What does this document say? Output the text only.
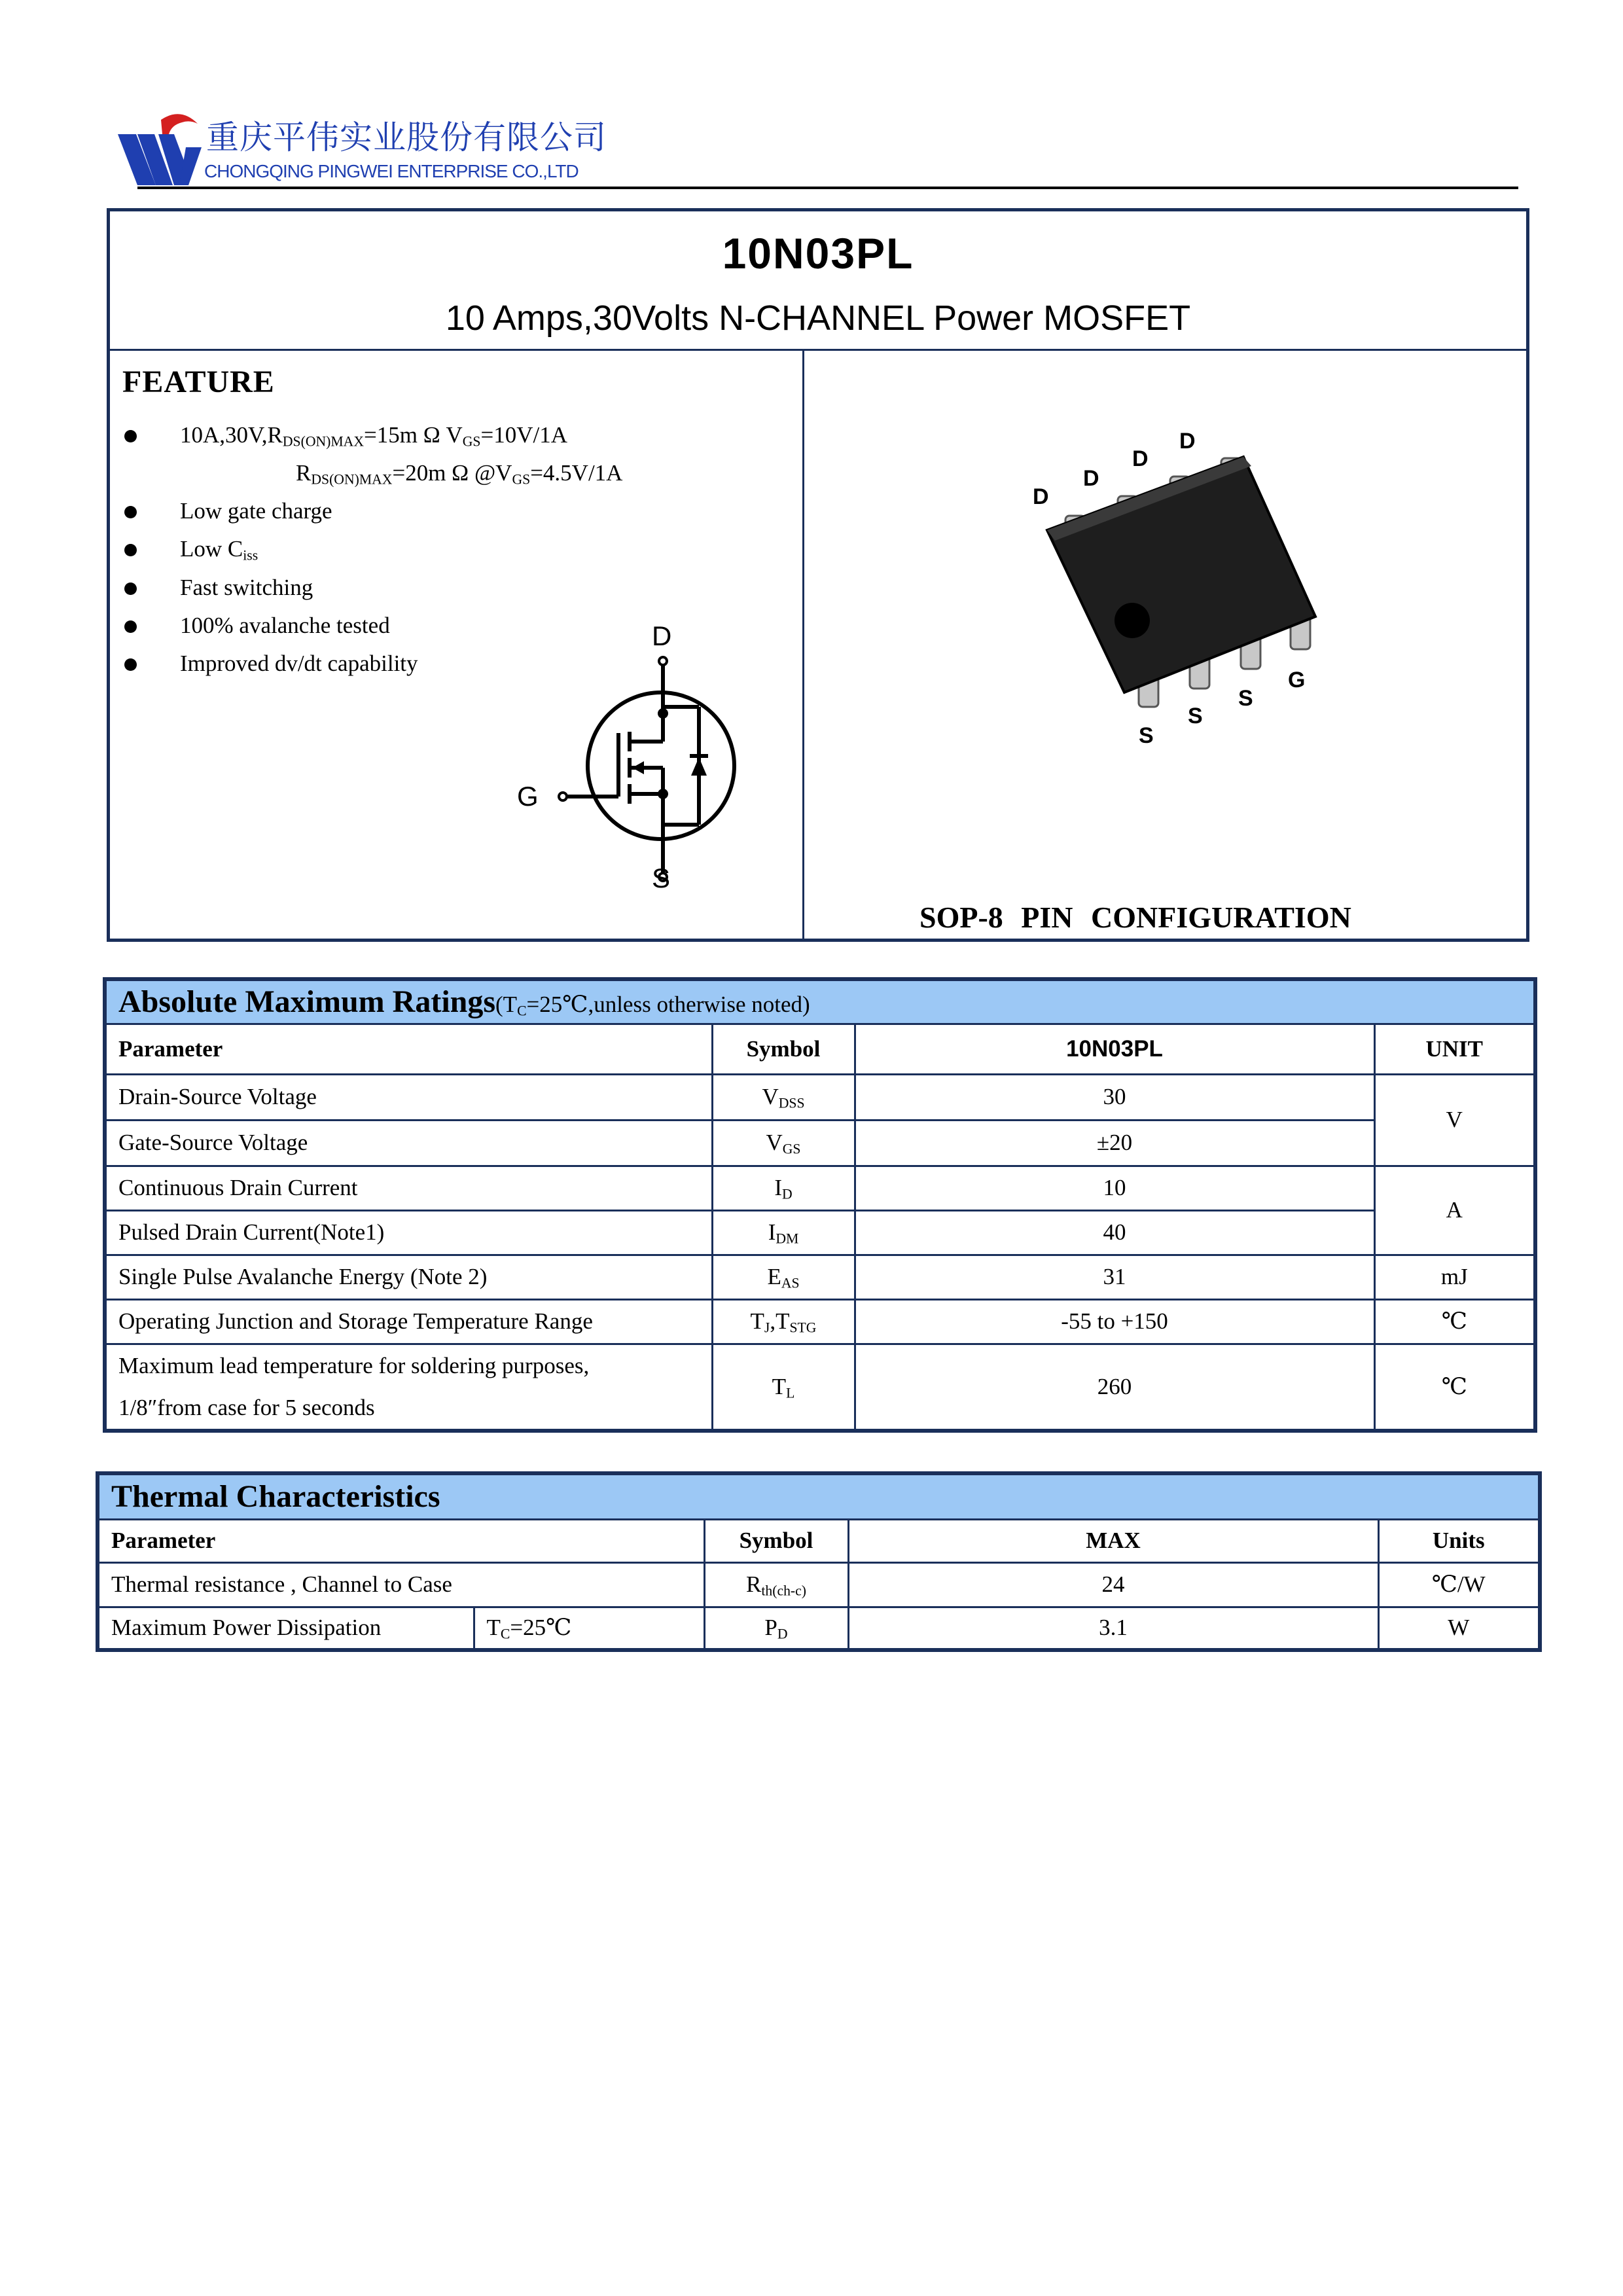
重庆平伟实业股份有限公司
CHONGQING PINGWEI ENTERPRISE CO.,LTD
10N03PL
10 Amps,30Volts N-CHANNEL Power MOSFET
FEATURE
$10A,30V,R_{DS(ON)MAX}=15m$ Ω $V_{GS}=10V/1A$
$R_{DS(ON)MAX}=20m$ Ω $@V_{GS}=4.5V/1A$
Low gate charge
Low $C_{iss}$
Fast switching
100% avalanche tested
Improved dv/dt capability
D
G
S
D
D
D
D
S
S
S
G
SOP-8 PIN CONFIGURATION
Absolute Maximum $Ratings(T_C=25℃,unless$ otherwise noted)			
Parameter	Symbol	10N03PL	UNIT
Drain-Source Voltage	$V_{DSS}$	30	V
Gate-Source Voltage	$V_{GS}$	±20	
Continuous Drain Current	$I_D$	10	A
Pulsed Drain Current(Note1)	$I_{DM}$	40	
Single Pulse Avalanche Energy (Note 2)	$E_{AS}$	31	mJ
Operating Junction and Storage Temperature Range	$T_J,T_{STG}$	-55 to +150	℃

Maximum lead temperature for soldering purposes,
1/8″from case for 5 seconds	$T_L$	260	℃
Thermal Characteristics				
Parameter		Symbol	MAX	Units
Thermal resistance , Channel to Case		$R_{th(ch-c)}$	24	℃/W
Maximum Power Dissipation	$T_C=25℃$	$P_D$	3.1	W
